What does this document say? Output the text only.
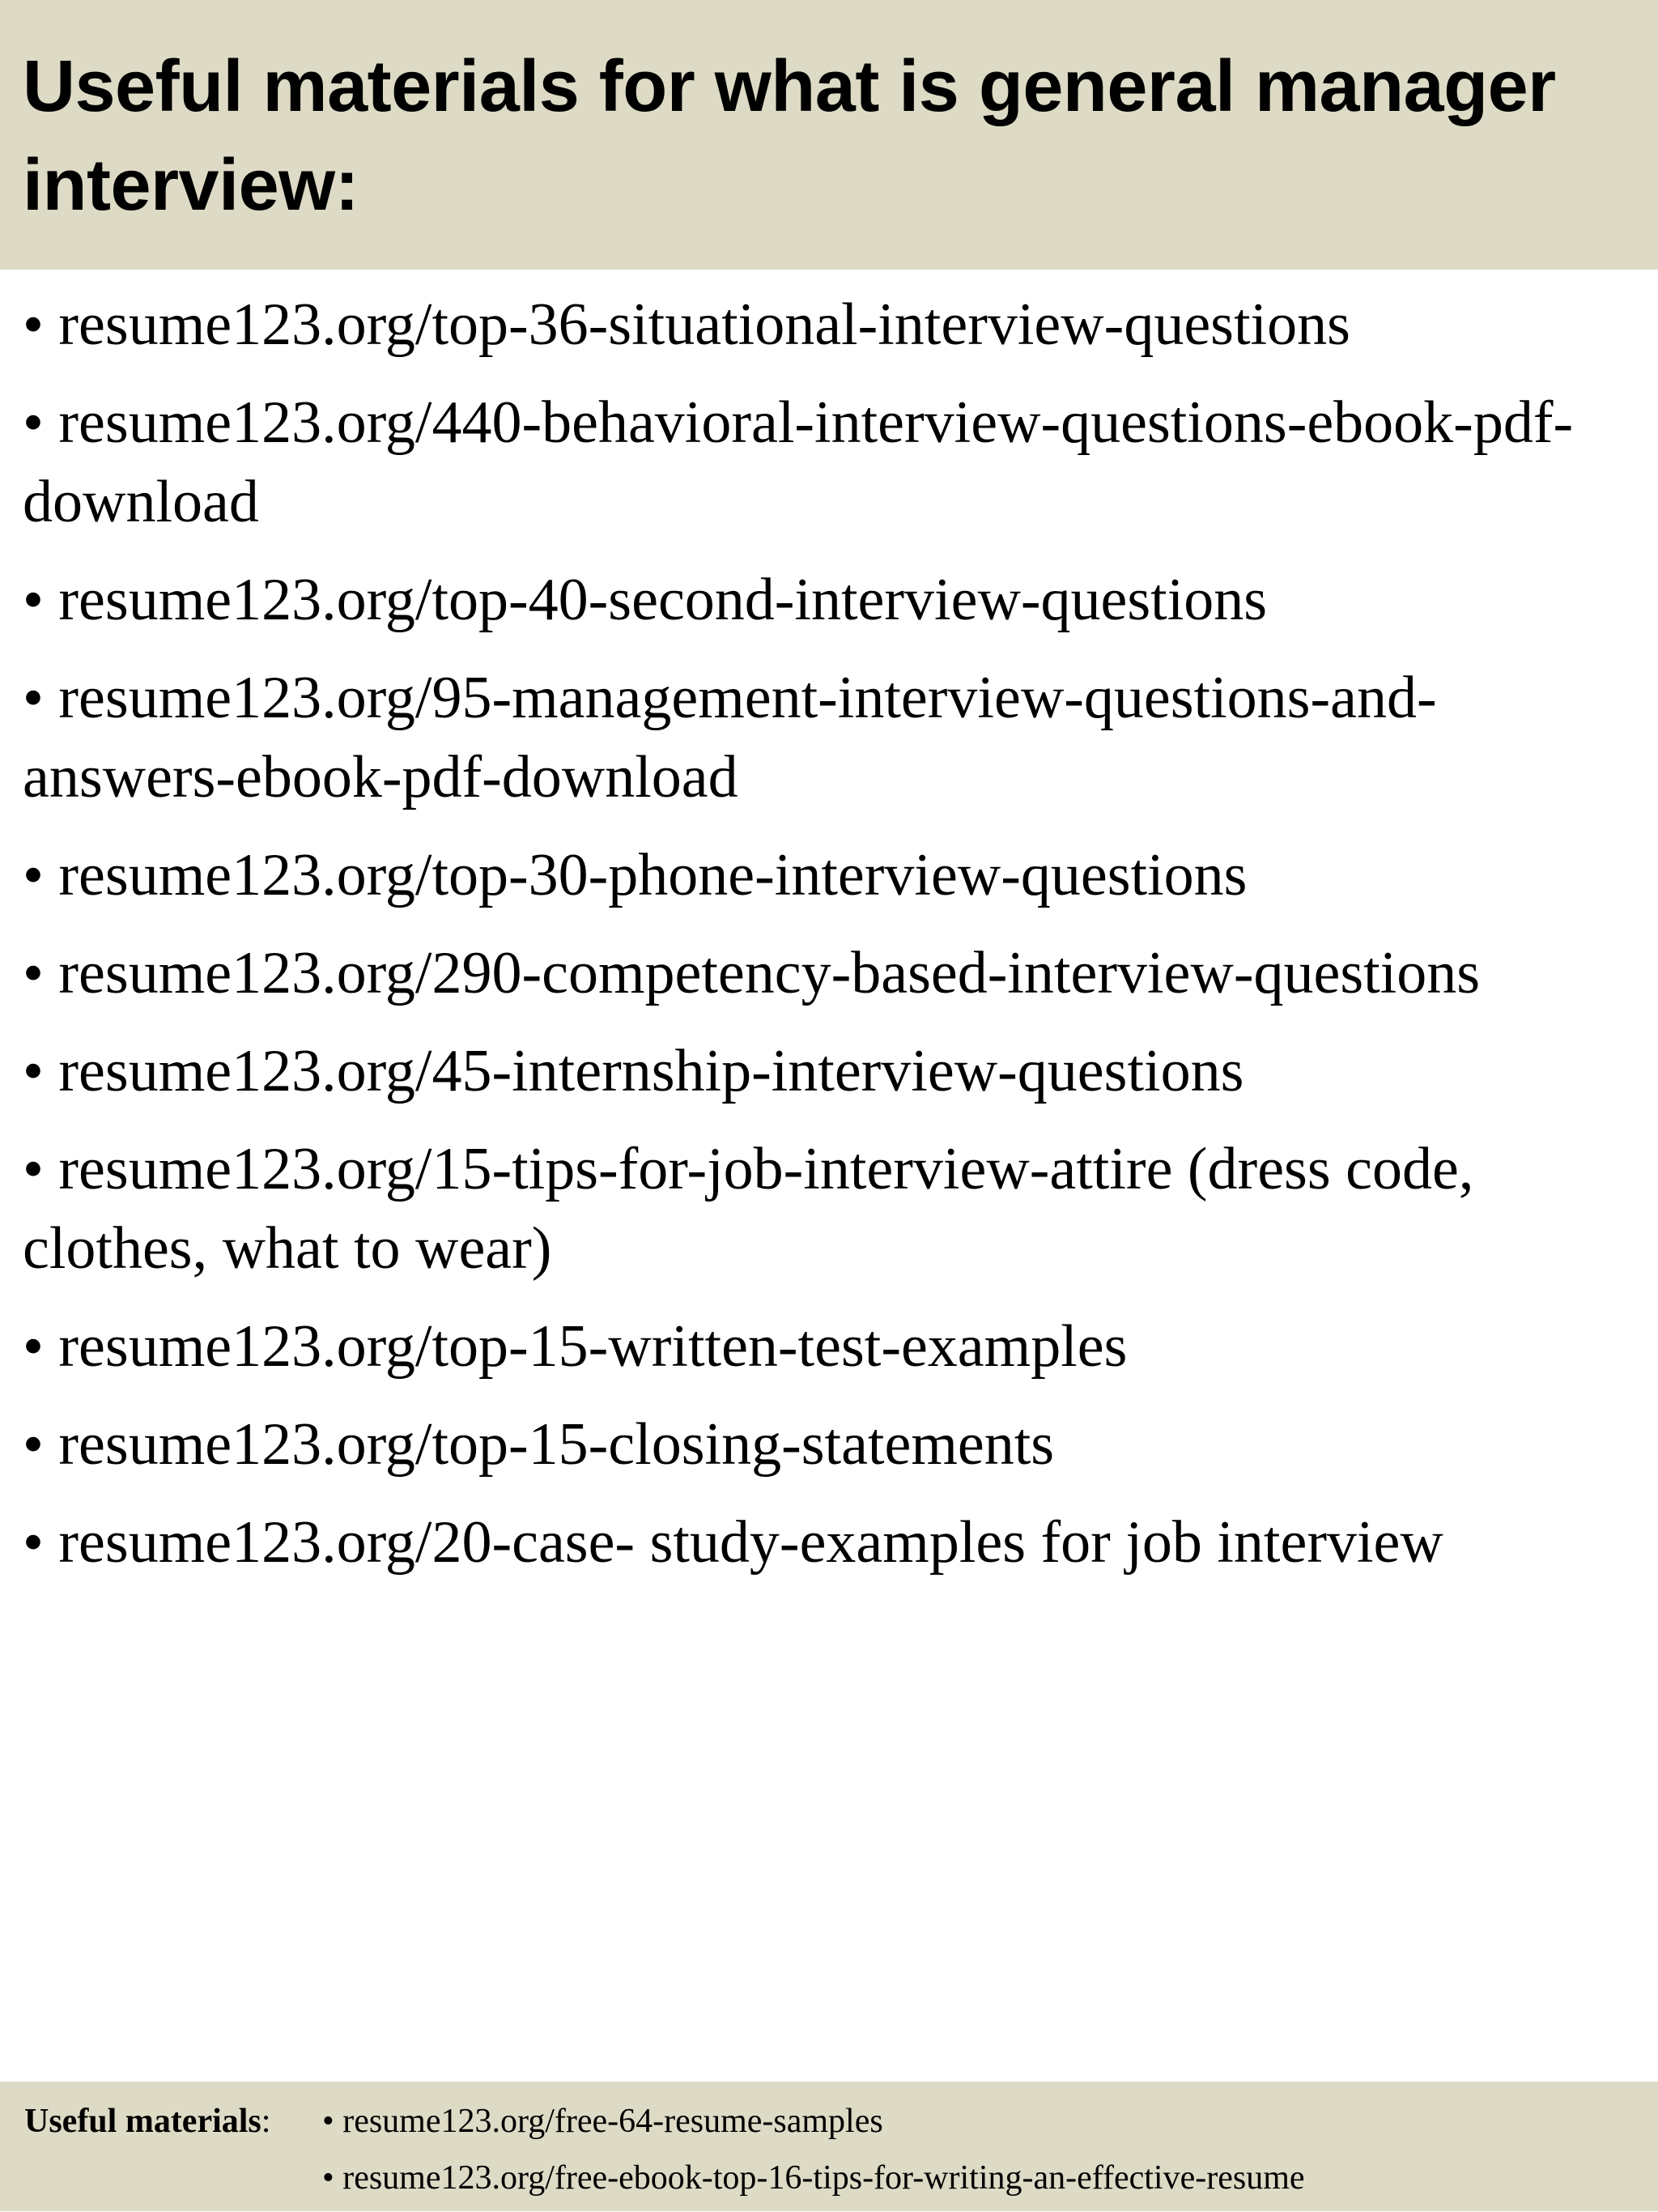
Useful materials for what is general manager interview:
• resume123.org/top-36-situational-interview-questions
• resume123.org/440-behavioral-interview-questions-ebook-pdf-download
• resume123.org/top-40-second-interview-questions
• resume123.org/95-management-interview-questions-and-answers-ebook-pdf-download
• resume123.org/top-30-phone-interview-questions
• resume123.org/290-competency-based-interview-questions
• resume123.org/45-internship-interview-questions
• resume123.org/15-tips-for-job-interview-attire (dress code, clothes, what to wear)
• resume123.org/top-15-written-test-examples
• resume123.org/top-15-closing-statements
• resume123.org/20-case- study-examples for job interview
Useful materials: • resume123.org/free-64-resume-samples
• resume123.org/free-ebook-top-16-tips-for-writing-an-effective-resume
